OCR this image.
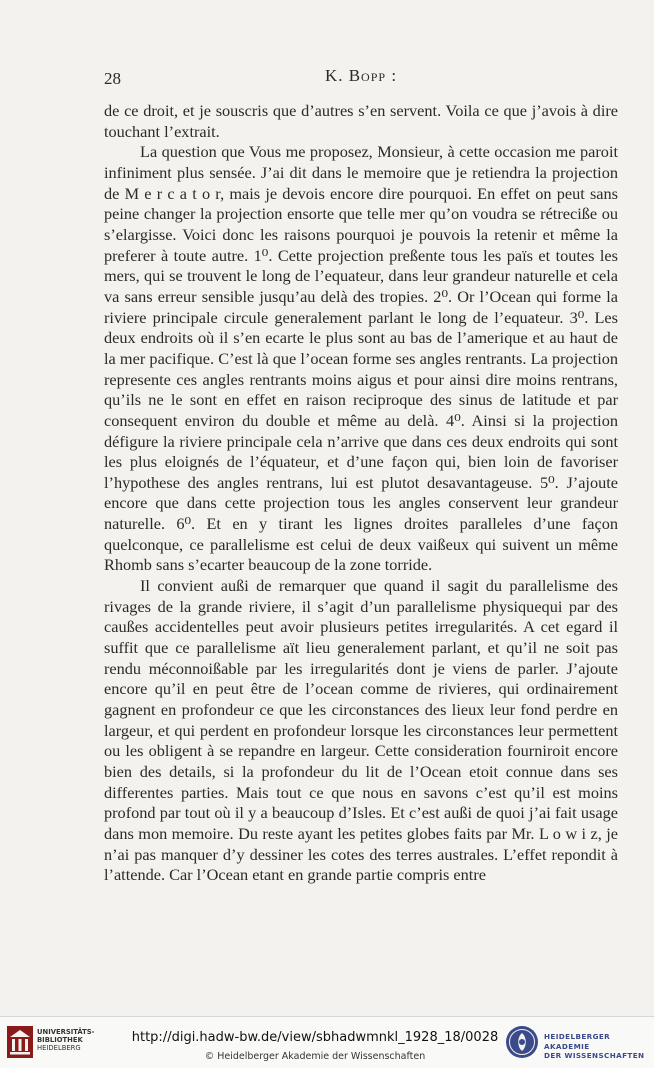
28	K. Bopp :

de ce droit, et je souscris que d’autres s’en servent. Voila ce que j’avois à dire touchant l’extrait.

La question que Vous me proposez, Monsieur, à cette occasion me paroit infiniment plus sensée. J’ai dit dans le memoire que je retiendra la projection de M e r c a t o r, mais je devois encore dire pourquoi. En effet on peut sans peine changer la projection ensorte que telle mer qu’on voudra se rétreciße ou s’elargisse. Voici donc les raisons pourquoi je pouvois la retenir et même la preferer à toute autre. 1⁰. Cette projection preßente tous les païs et toutes les mers, qui se trouvent le long de l’equateur, dans leur grandeur naturelle et cela va sans erreur sensible jusqu’au delà des tropies. 2⁰. Or l’Ocean qui forme la riviere principale circule generalement parlant le long de l’equateur. 3⁰. Les deux endroits où il s’en ecarte le plus sont au bas de l’amerique et au haut de la mer pacifique. C’est là que l’ocean forme ses angles rentrants. La projection represente ces angles rentrants moins aigus et pour ainsi dire moins rentrans, qu’ils ne le sont en effet en raison reciproque des sinus de latitude et par consequent environ du double et même au delà. 4⁰. Ainsi si la projection défigure la riviere principale cela n’arrive que dans ces deux endroits qui sont les plus eloignés de l’équateur, et d’une façon qui, bien loin de favoriser l’hypothese des angles rentrans, lui est plutot desavantageuse. 5⁰. J’ajoute encore que dans cette projection tous les angles conservent leur grandeur naturelle. 6⁰. Et en y tirant les lignes droites paralleles d’une façon quelconque, ce parallelisme est celui de deux vaißeux qui suivent un même Rhomb sans s’ecarter beaucoup de la zone torride.

Il convient außi de remarquer que quand il sagit du parallelisme des rivages de la grande riviere, il s’agit d’un parallelisme physiquequi par des caußes accidentelles peut avoir plusieurs petites irregularités. A cet egard il suffit que ce parallelisme aït lieu generalement parlant, et qu’il ne soit pas rendu méconnoißable par les irregularités dont je viens de parler. J’ajoute encore qu’il en peut être de l’ocean comme de rivieres, qui ordinairement gagnent en profondeur ce que les circonstances des lieux leur fond perdre en largeur, et qui perdent en profondeur lorsque les circonstances leur permettent ou les obligent à se repandre en largeur. Cette consideration fourniroit encore bien des details, si la profondeur du lit de l’Ocean etoit connue dans ses differentes parties. Mais tout ce que nous en savons c’est qu’il est moins profond par tout où il y a beaucoup d’Isles. Et c’est außi de quoi j’ai fait usage dans mon memoire. Du reste ayant les petites globes faits par Mr. L o w i z, je n’ai pas manquer d’y dessiner les cotes des terres australes. L’effet repondit à l’attende. Car l’Ocean etant en grande partie compris entre

UNIVERSITÄTS-
BIBLIOTHEK
HEIDELBERG
http://digi.hadw-bw.de/view/sbhadwmnkl_1928_18/0028
© Heidelberger Akademie der Wissenschaften
HEIDELBERGER AKADEMIE
DER WISSENSCHAFTEN
